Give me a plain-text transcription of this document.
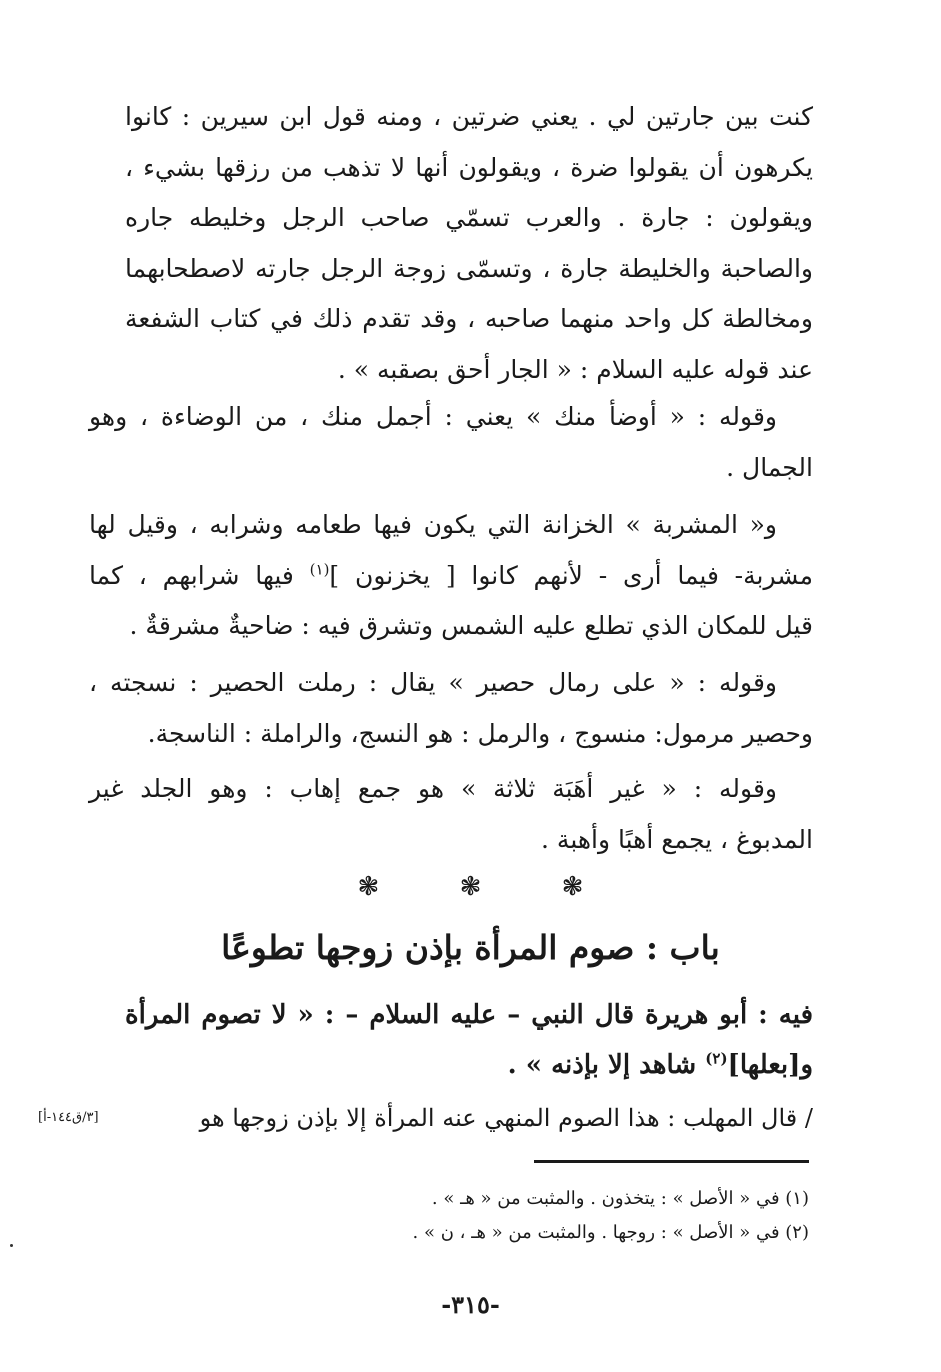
كنت بين جارتين لي . يعني ضرتين ، ومنه قول ابن سيرين : كانوا
يكرهون أن يقولوا ضرة ، ويقولون أنها لا تذهب من رزقها بشيء ،
ويقولون : جارة . والعرب تسمّي صاحب الرجل وخليطه جاره
والصاحبة والخليطة جارة ، وتسمّى زوجة الرجل جارته لاصطحابهما
ومخالطة كل واحد منهما صاحبه ، وقد تقدم ذلك في كتاب الشفعة
عند قوله عليه السلام : « الجار أحق بصقبه » .
وقوله : « أوضأ منك » يعني : أجمل منك ، من الوضاءة ، وهو
الجمال .
و« المشربة » الخزانة التي يكون فيها طعامه وشرابه ، وقيل لها
مشربة- فيما أرى - لأنهم كانوا [ يخزنون ]$^{(١)}$ فيها شرابهم ، كما
قيل للمكان الذي تطلع عليه الشمس وتشرق فيه : ضاحيةٌ مشرقةٌ .
وقوله : « على رمال حصير » يقال : رملت الحصير : نسجته ،
وحصير مرمول: منسوج ، والرمل : هو النسج، والراملة : الناسجة.
وقوله : « غير أهَبَة ثلاثة » هو جمع إهاب : وهو الجلد غير
المدبوغ ، يجمع أهبًا وأهبة .
❃ ❃ ❃
باب : صوم المرأة بإذن زوجها تطوعًا
فيه : أبو هريرة قال النبي – عليه السلام – : « لا تصوم المرأة
و[بعلها]$^{(٢)}$ شاهد إلا بإذنه » .
/ قال المهلب : هذا الصوم المنهي عنه المرأة إلا بإذن زوجها هو
[٣/ق١٤٤-أ]
(١) في « الأصل » : يتخذون . والمثبت من « هـ » .
(٢) في « الأصل » : روجها . والمثبت من « هـ ، ن » .
-٣١٥-
